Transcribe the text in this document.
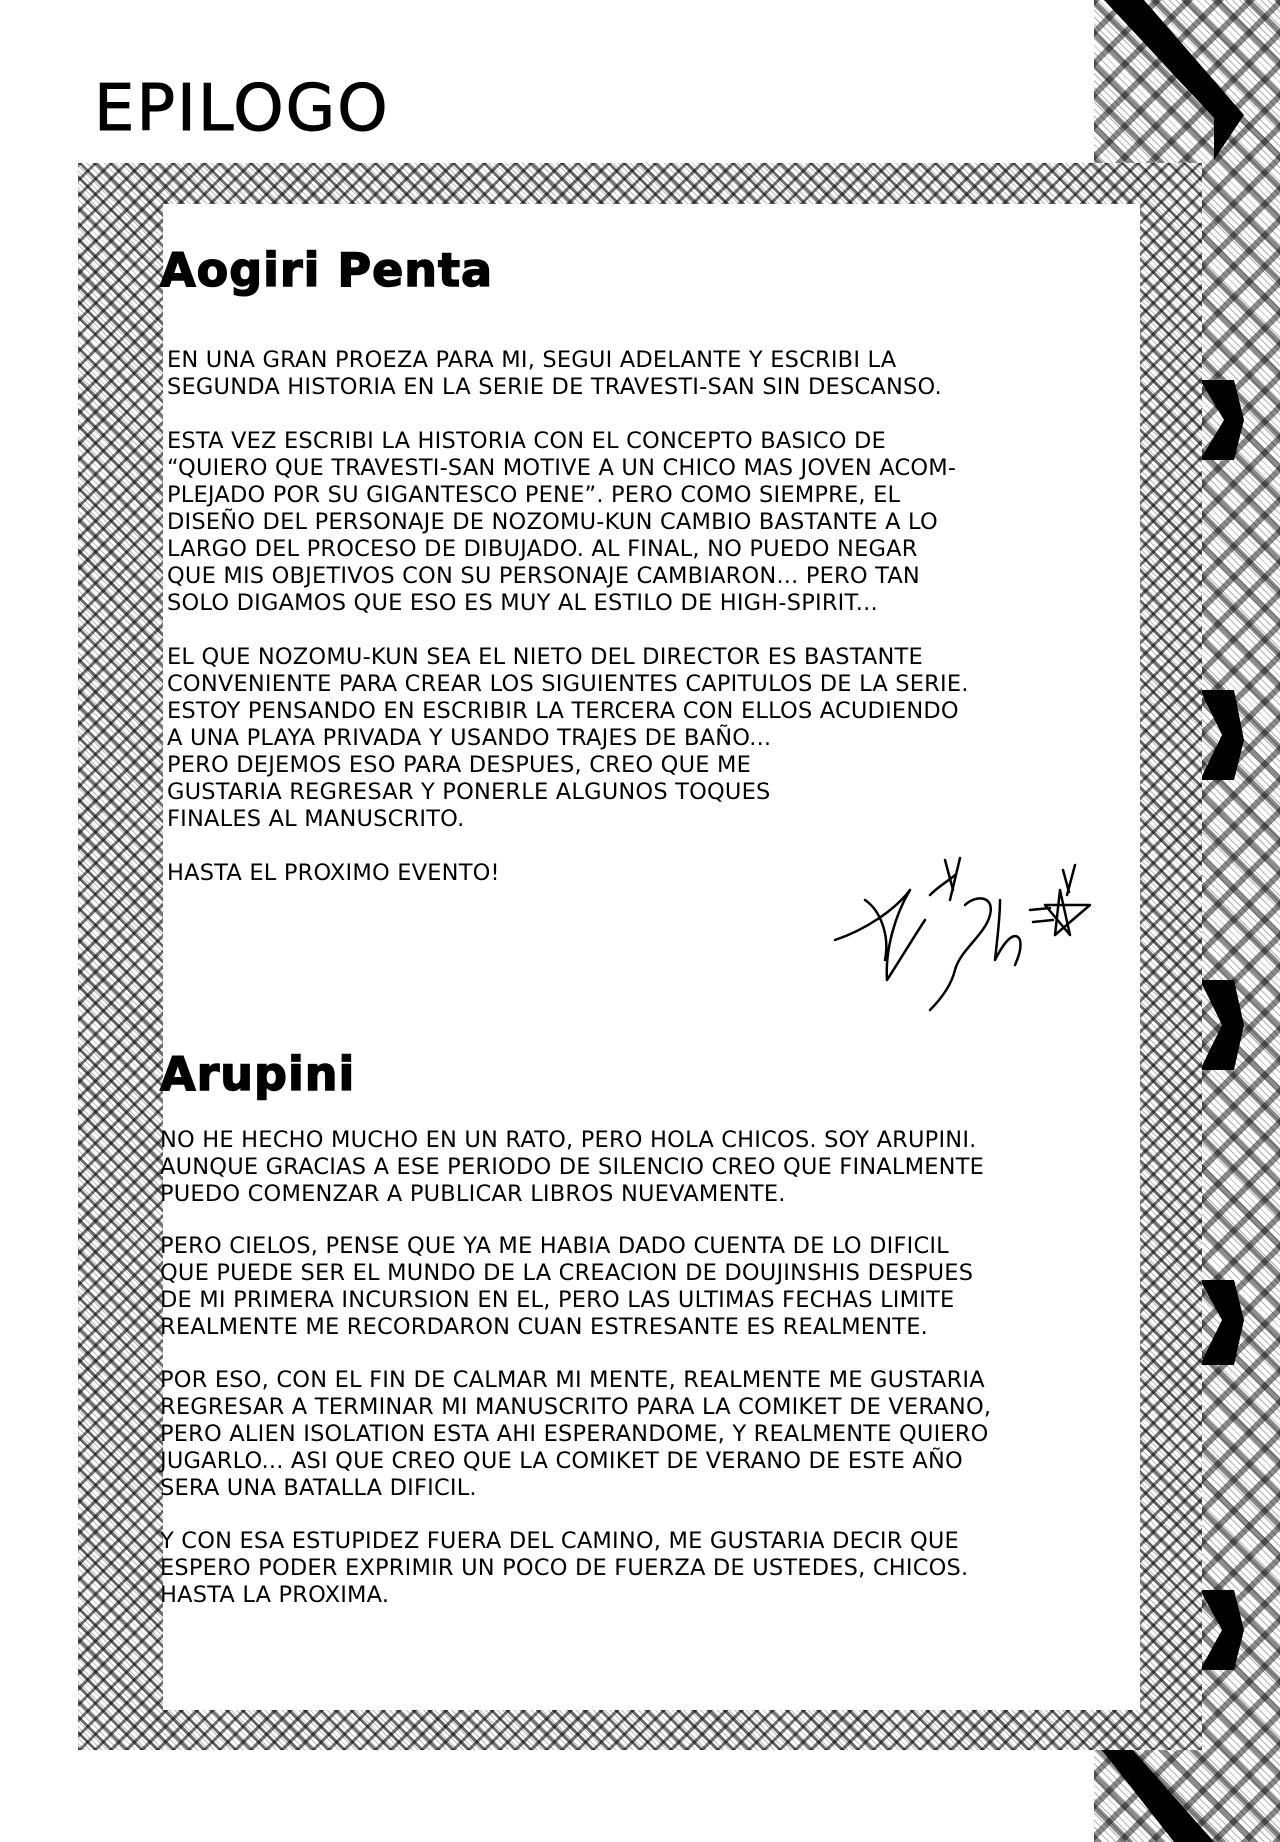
EPILOGO
Aogiri Penta

EN UNA GRAN PROEZA PARA MI, SEGUI ADELANTE Y ESCRIBI LA
SEGUNDA HISTORIA EN LA SERIE DE TRAVESTI-SAN SIN DESCANSO.

ESTA VEZ ESCRIBI LA HISTORIA CON EL CONCEPTO BASICO DE
“QUIERO QUE TRAVESTI-SAN MOTIVE A UN CHICO MAS JOVEN ACOM-
PLEJADO POR SU GIGANTESCO PENE”. PERO COMO SIEMPRE, EL
DISEÑO DEL PERSONAJE DE NOZOMU-KUN CAMBIO BASTANTE A LO
LARGO DEL PROCESO DE DIBUJADO. AL FINAL, NO PUEDO NEGAR
QUE MIS OBJETIVOS CON SU PERSONAJE CAMBIARON... PERO TAN
SOLO DIGAMOS QUE ESO ES MUY AL ESTILO DE HIGH-SPIRIT...

EL QUE NOZOMU-KUN SEA EL NIETO DEL DIRECTOR ES BASTANTE
CONVENIENTE PARA CREAR LOS SIGUIENTES CAPITULOS DE LA SERIE.
ESTOY PENSANDO EN ESCRIBIR LA TERCERA CON ELLOS ACUDIENDO
A UNA PLAYA PRIVADA Y USANDO TRAJES DE BAÑO...
PERO DEJEMOS ESO PARA DESPUES, CREO QUE ME
GUSTARIA REGRESAR Y PONERLE ALGUNOS TOQUES
FINALES AL MANUSCRITO.

HASTA EL PROXIMO EVENTO!

Arupini

NO HE HECHO MUCHO EN UN RATO, PERO HOLA CHICOS. SOY ARUPINI.
AUNQUE GRACIAS A ESE PERIODO DE SILENCIO CREO QUE FINALMENTE
PUEDO COMENZAR A PUBLICAR LIBROS NUEVAMENTE.

PERO CIELOS, PENSE QUE YA ME HABIA DADO CUENTA DE LO DIFICIL
QUE PUEDE SER EL MUNDO DE LA CREACION DE DOUJINSHIS DESPUES
DE MI PRIMERA INCURSION EN EL, PERO LAS ULTIMAS FECHAS LIMITE
REALMENTE ME RECORDARON CUAN ESTRESANTE ES REALMENTE.

POR ESO, CON EL FIN DE CALMAR MI MENTE, REALMENTE ME GUSTARIA
REGRESAR A TERMINAR MI MANUSCRITO PARA LA COMIKET DE VERANO,
PERO ALIEN ISOLATION ESTA AHI ESPERANDOME, Y REALMENTE QUIERO
JUGARLO... ASI QUE CREO QUE LA COMIKET DE VERANO DE ESTE AÑO
SERA UNA BATALLA DIFICIL.

Y CON ESA ESTUPIDEZ FUERA DEL CAMINO, ME GUSTARIA DECIR QUE
ESPERO PODER EXPRIMIR UN POCO DE FUERZA DE USTEDES, CHICOS.
HASTA LA PROXIMA.
